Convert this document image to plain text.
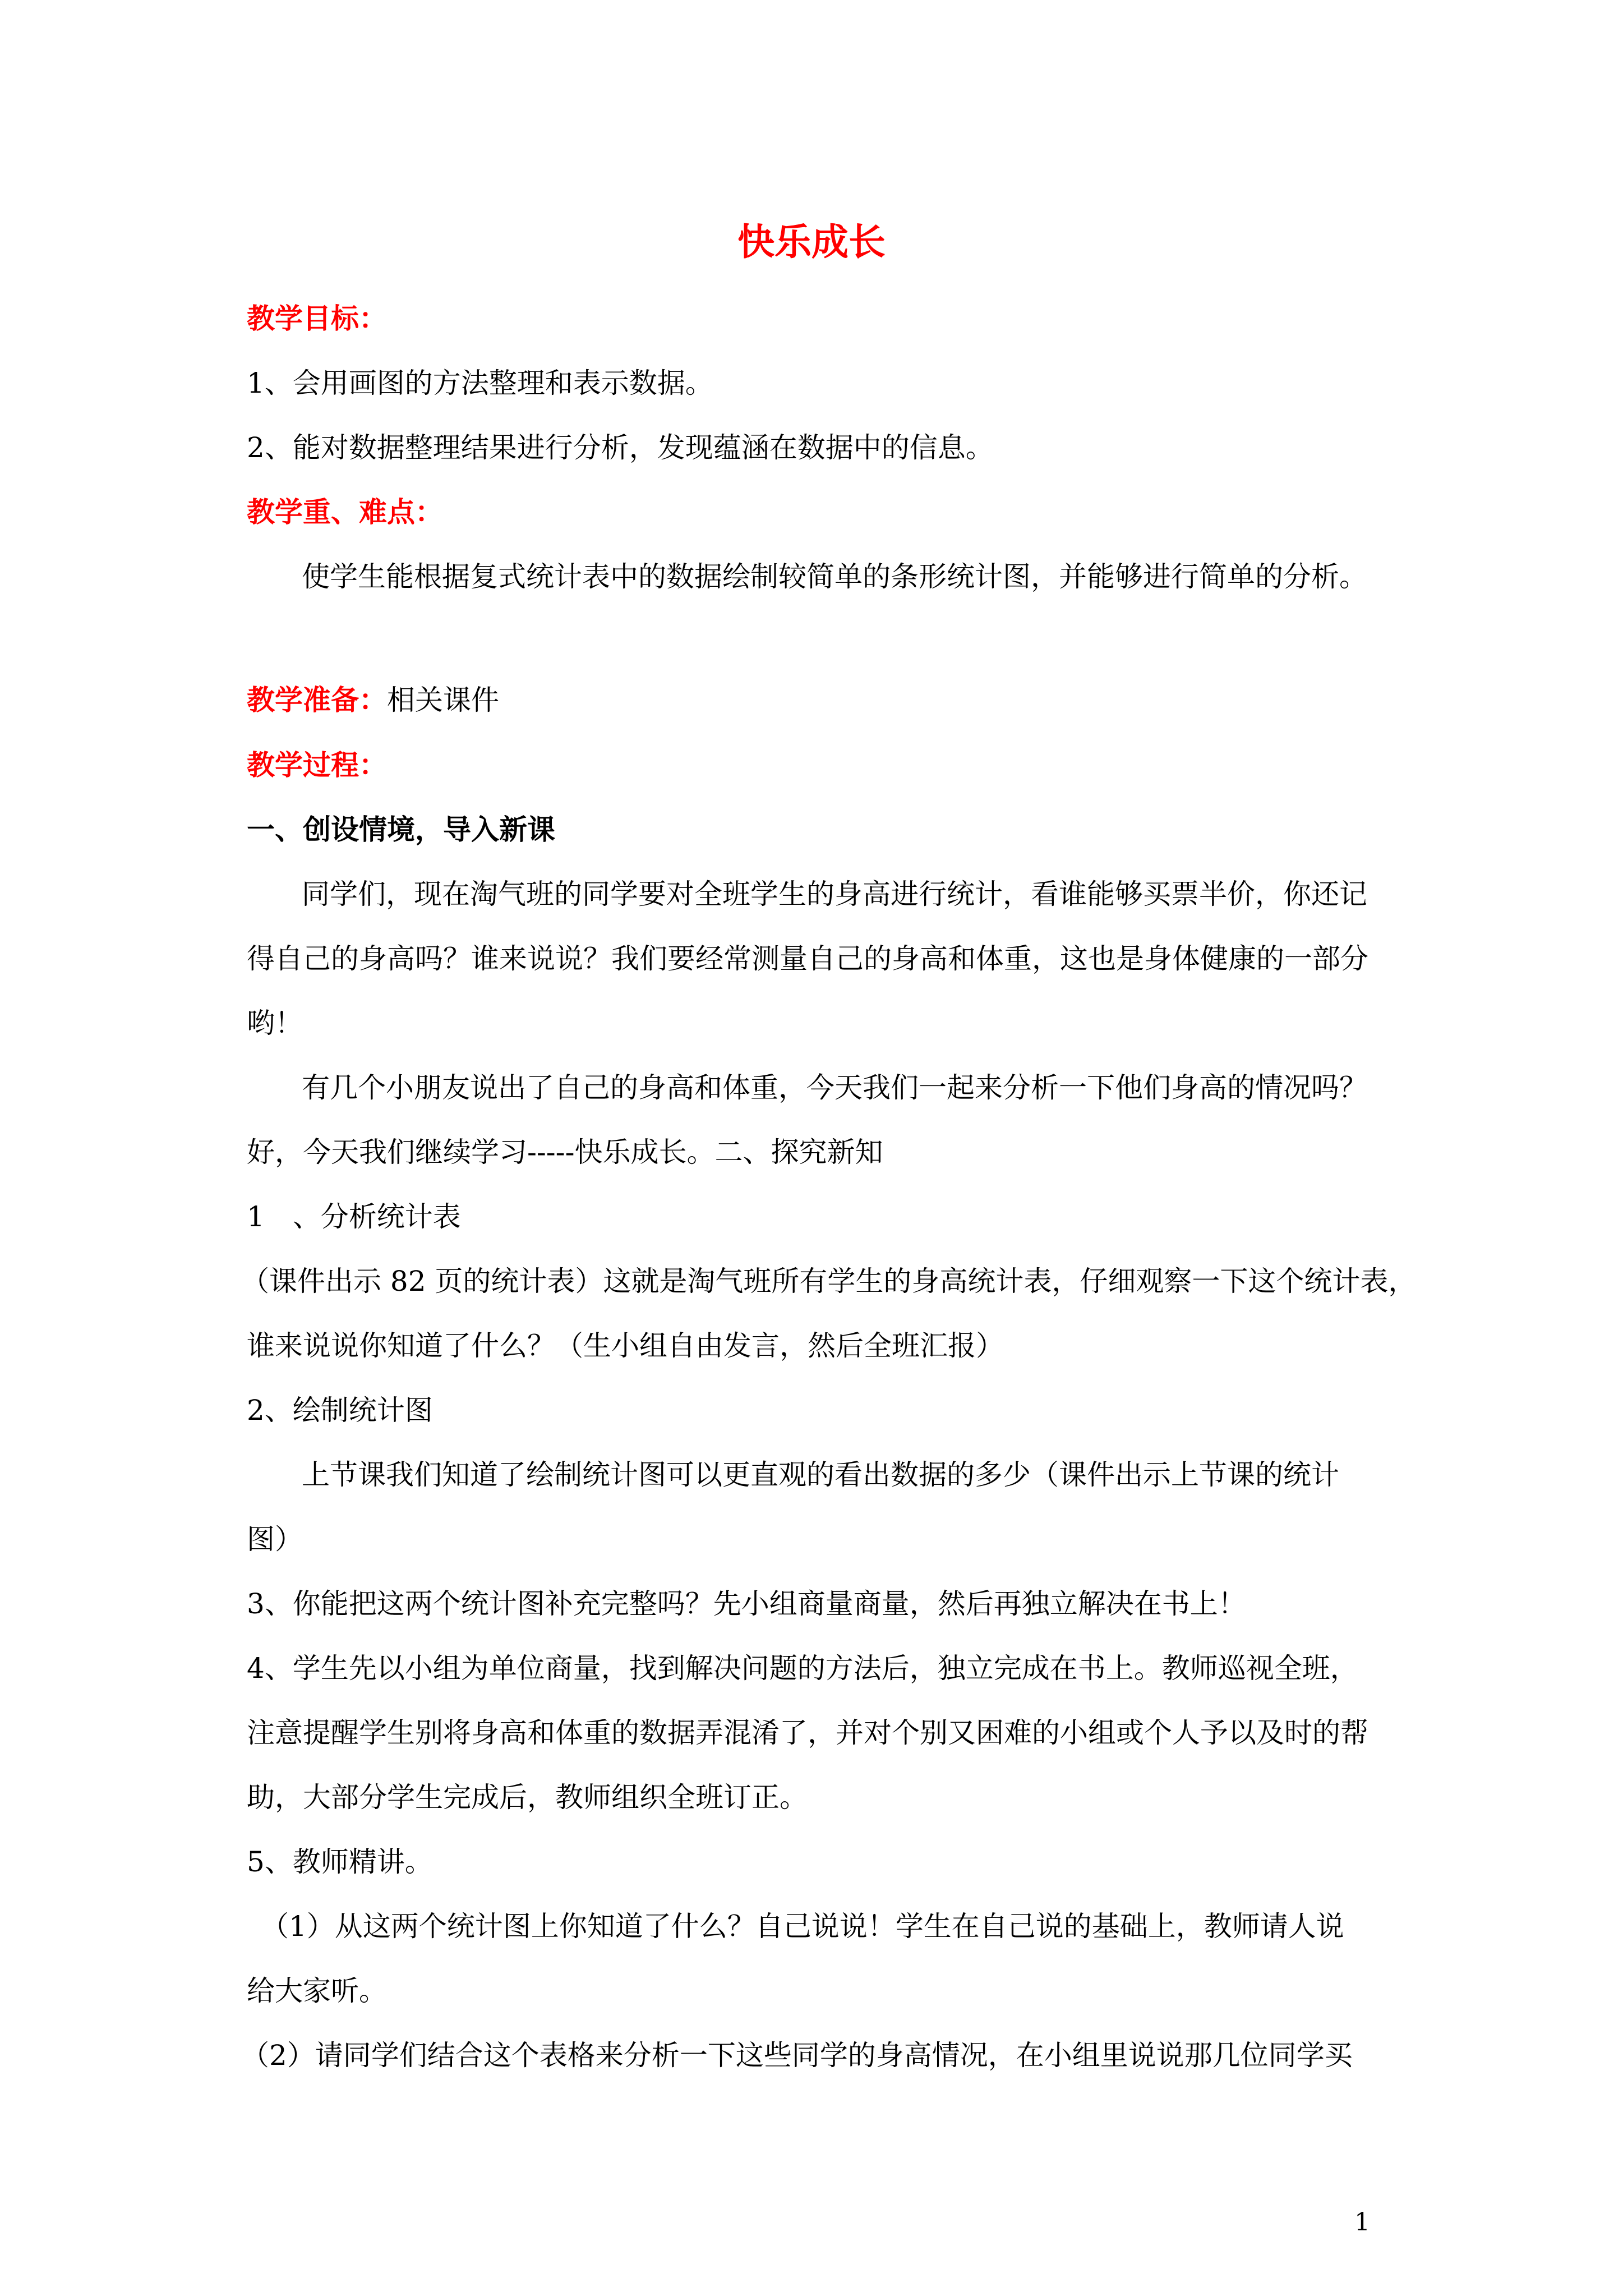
快乐成长
教学目标：
1、会用画图的方法整理和表示数据。
2、能对数据整理结果进行分析，发现蕴涵在数据中的信息。
教学重、难点：
使学生能根据复式统计表中的数据绘制较简单的条形统计图，并能够进行简单的分析。
教学准备：相关课件
教学过程：
一、创设情境，导入新课
同学们，现在淘气班的同学要对全班学生的身高进行统计，看谁能够买票半价，你还记
得自己的身高吗？谁来说说？我们要经常测量自己的身高和体重，这也是身体健康的一部分
哟！
有几个小朋友说出了自己的身高和体重，今天我们一起来分析一下他们身高的情况吗？
好，今天我们继续学习-----快乐成长。二、探究新知
1　、分析统计表
（课件出示 82 页的统计表）这就是淘气班所有学生的身高统计表，仔细观察一下这个统计表，
谁来说说你知道了什么？（生小组自由发言，然后全班汇报）
2、绘制统计图
上节课我们知道了绘制统计图可以更直观的看出数据的多少（课件出示上节课的统计
图）
3、你能把这两个统计图补充完整吗？先小组商量商量，然后再独立解决在书上！
4、学生先以小组为单位商量，找到解决问题的方法后，独立完成在书上。教师巡视全班，
注意提醒学生别将身高和体重的数据弄混淆了，并对个别又困难的小组或个人予以及时的帮
助，大部分学生完成后，教师组织全班订正。
5、教师精讲。
（1）从这两个统计图上你知道了什么？自己说说！学生在自己说的基础上，教师请人说
给大家听。
（2）请同学们结合这个表格来分析一下这些同学的身高情况，在小组里说说那几位同学买
1
